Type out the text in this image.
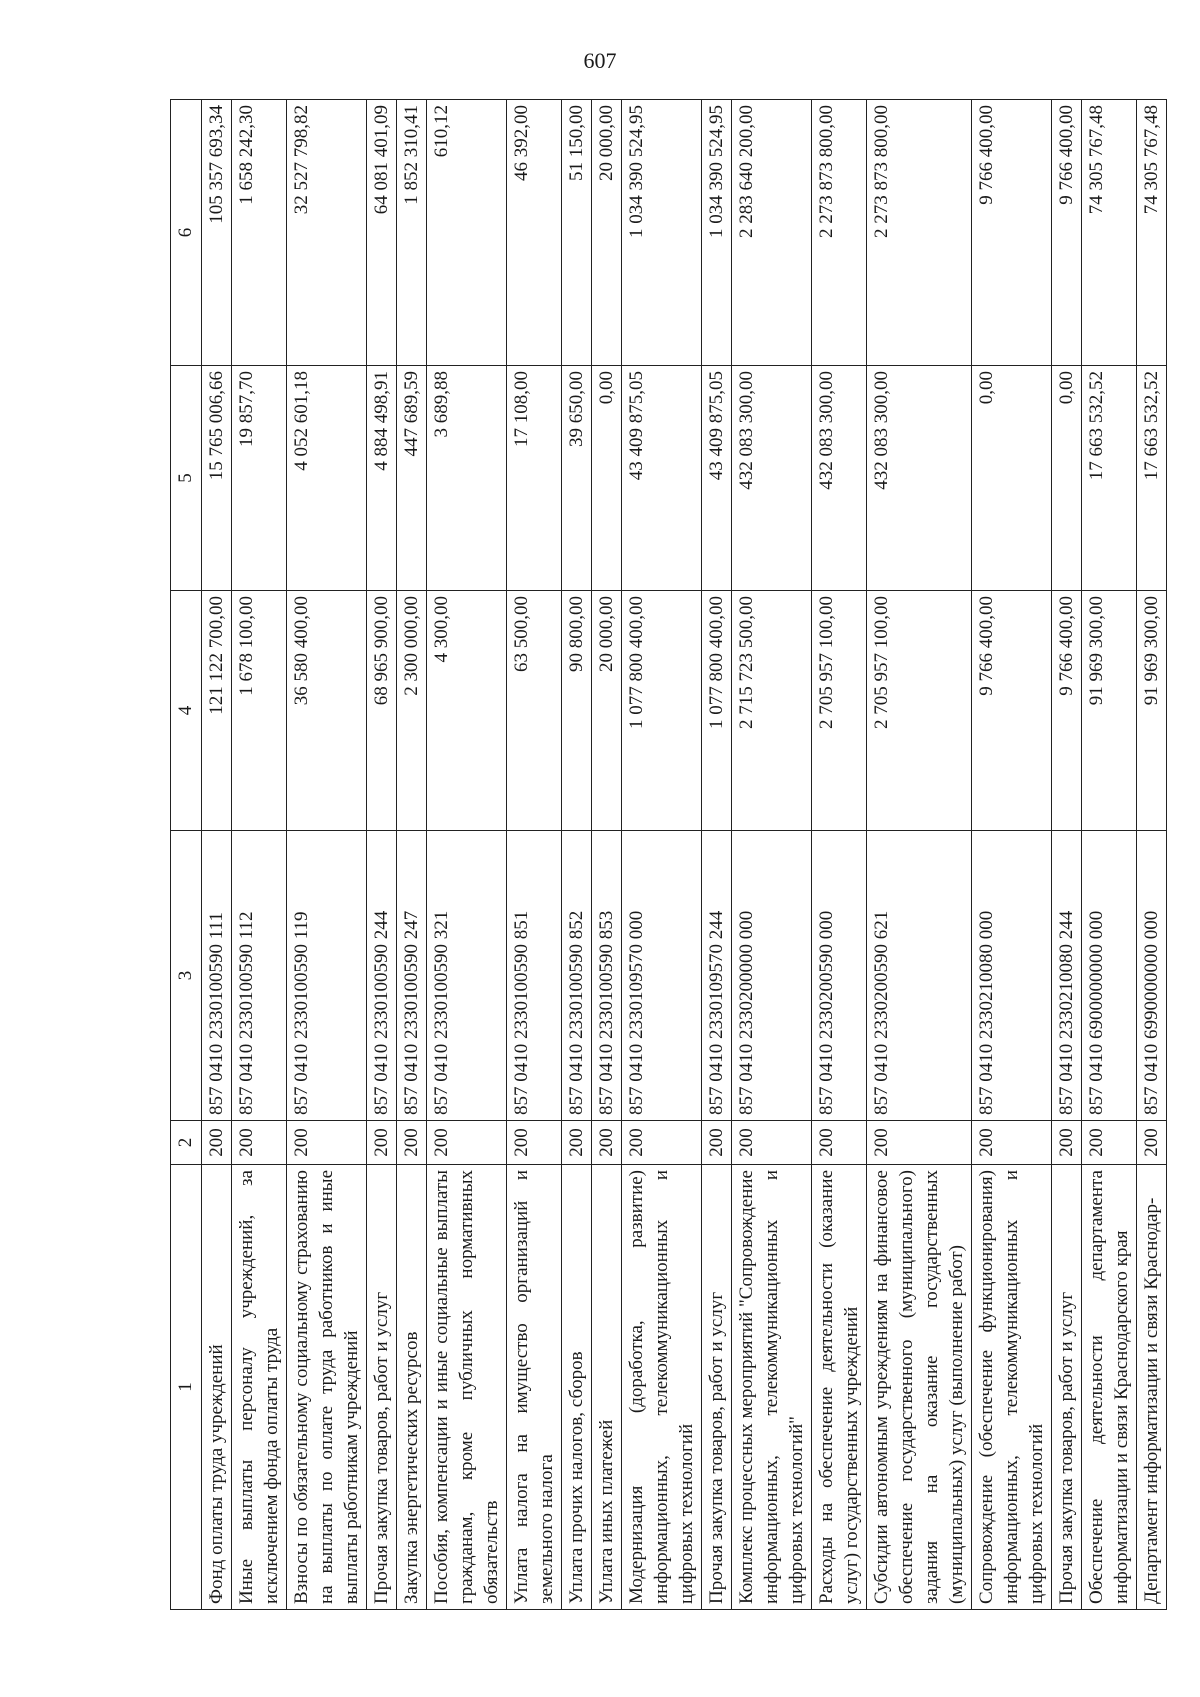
607
1	2	3	4	5	6
Фонд оплаты труда учреждений	200	857 0410 2330100590 111	121 122 700,00	15 765 006,66	105 357 693,34
Иные выплаты персоналу учреждений, за исключением фонда оплаты труда	200	857 0410 2330100590 112	1 678 100,00	19 857,70	1 658 242,30
Взносы по обязательному социальному страхованию на выплаты по оплате труда работников и иные выплаты работникам учреждений	200	857 0410 2330100590 119	36 580 400,00	4 052 601,18	32 527 798,82
Прочая закупка товаров, работ и услуг	200	857 0410 2330100590 244	68 965 900,00	4 884 498,91	64 081 401,09
Закупка энергетических ресурсов	200	857 0410 2330100590 247	2 300 000,00	447 689,59	1 852 310,41
Пособия, компенсации и иные социальные выплаты гражданам, кроме публичных нормативных обязательств	200	857 0410 2330100590 321	4 300,00	3 689,88	610,12
Уплата налога на имущество организаций и земельного налога	200	857 0410 2330100590 851	63 500,00	17 108,00	46 392,00
Уплата прочих налогов, сборов	200	857 0410 2330100590 852	90 800,00	39 650,00	51 150,00
Уплата иных платежей	200	857 0410 2330100590 853	20 000,00	0,00	20 000,00
Модернизация (доработка, развитие) информационных, телекоммуникационных и цифровых технологий	200	857 0410 2330109570 000	1 077 800 400,00	43 409 875,05	1 034 390 524,95
Прочая закупка товаров, работ и услуг	200	857 0410 2330109570 244	1 077 800 400,00	43 409 875,05	1 034 390 524,95
Комплекс процессных мероприятий "Сопровождение информационных, телекоммуникационных и цифровых технологий"	200	857 0410 2330200000 000	2 715 723 500,00	432 083 300,00	2 283 640 200,00
Расходы на обеспечение деятельности (оказание услуг) государственных учреждений	200	857 0410 2330200590 000	2 705 957 100,00	432 083 300,00	2 273 873 800,00
Субсидии автономным учреждениям на финансовое обеспечение государственного (муниципального) задания на оказание государственных (муниципальных) услуг (выполнение работ)	200	857 0410 2330200590 621	2 705 957 100,00	432 083 300,00	2 273 873 800,00
Сопровождение (обеспечение функционирования) информационных, телекоммуникационных и цифровых технологий	200	857 0410 2330210080 000	9 766 400,00	0,00	9 766 400,00
Прочая закупка товаров, работ и услуг	200	857 0410 2330210080 244	9 766 400,00	0,00	9 766 400,00
Обеспечение деятельности департамента информатизации и связи Краснодарского края	200	857 0410 6900000000 000	91 969 300,00	17 663 532,52	74 305 767,48
Департамент информатизации и связи Краснодар-	200	857 0410 6990000000 000	91 969 300,00	17 663 532,52	74 305 767,48
